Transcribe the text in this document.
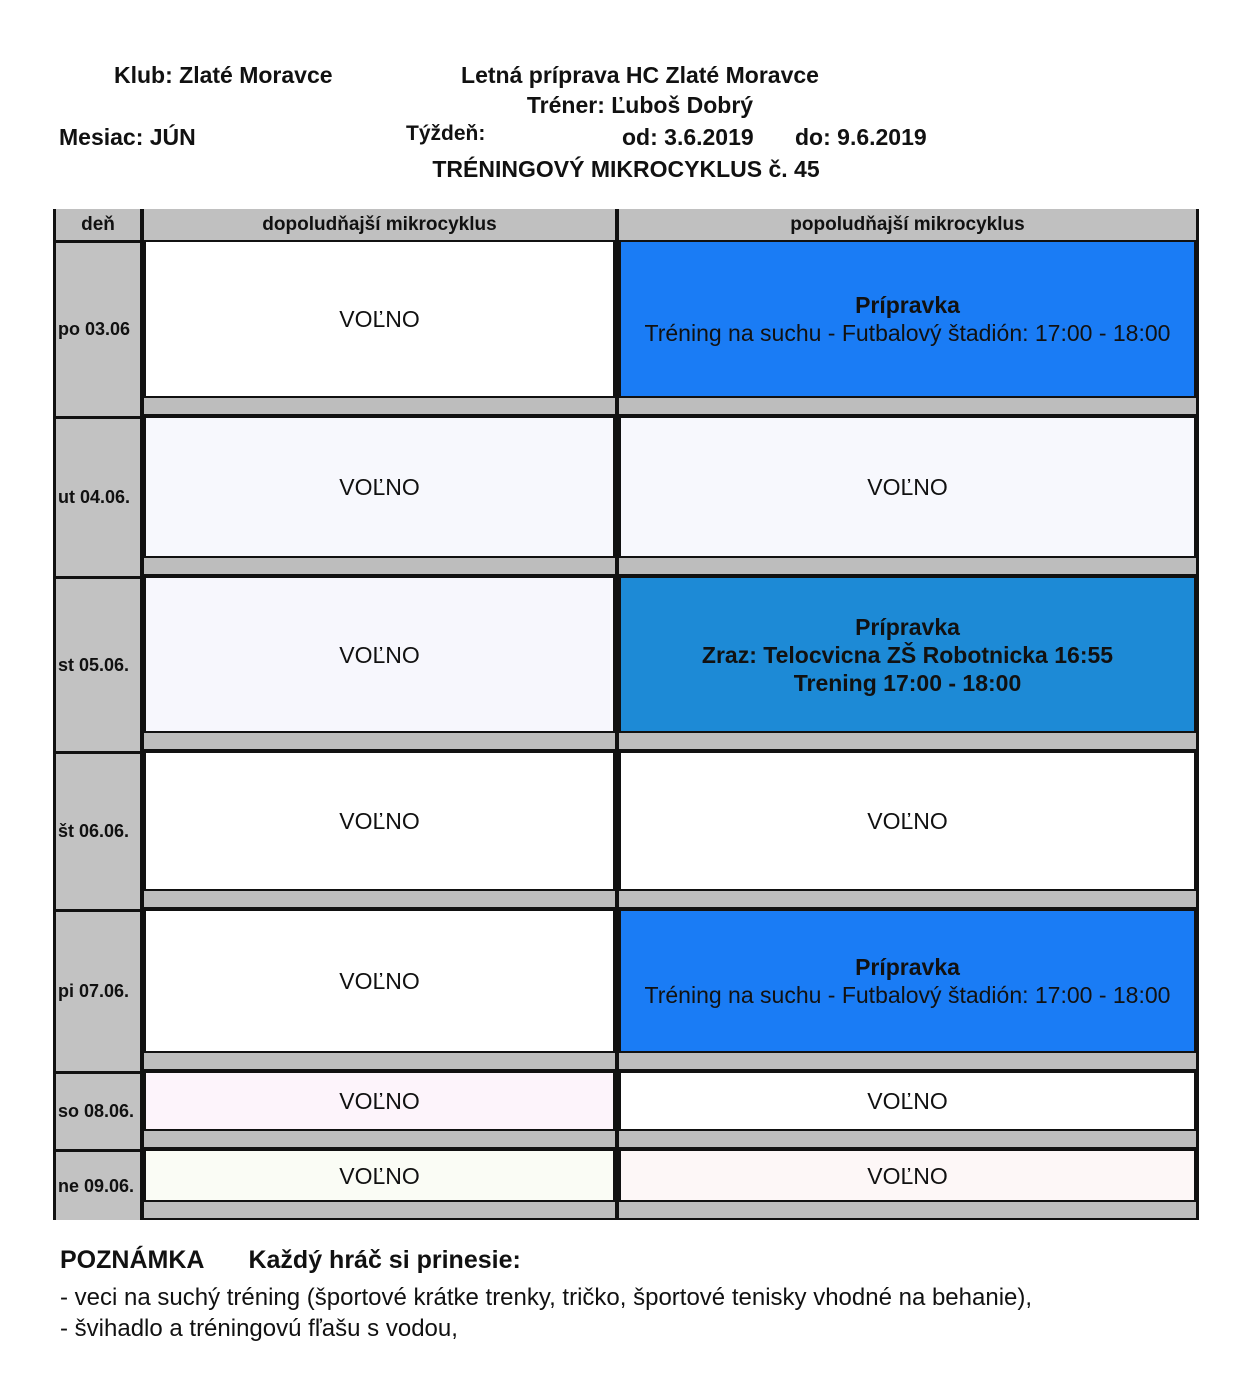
Klub: Zlaté Moravce	Letná príprava HC Zlaté Moravce
Tréner: Ľuboš Dobrý
Mesiac: JÚN	Týždeň:	od: 3.6.2019 do: 9.6.2019
TRÉNINGOVÝ MIKROCYKLUS č. 45
deň	dopoludňajší mikrocyklus	popoludňajší mikrocyklus
po 03.06	VOĽNO
Prípravka
Tréning na suchu - Futbalový štadión: 17:00 - 18:00
ut 04.06.	VOĽNO	VOĽNO
st 05.06.	VOĽNO
Prípravka
Zraz: Telocvicna ZŠ Robotnicka 16:55
Trening 17:00 - 18:00
št 06.06.	VOĽNO	VOĽNO
pi 07.06.	VOĽNO
Prípravka
Tréning na suchu - Futbalový štadión: 17:00 - 18:00
so 08.06.	VOĽNO	VOĽNO
ne 09.06.	VOĽNO	VOĽNO
POZNÁMKA Každý hráč si prinesie:
- veci na suchý tréning (športové krátke trenky, tričko, športové tenisky vhodné na behanie),
- švihadlo a tréningovú fľašu s vodou,
